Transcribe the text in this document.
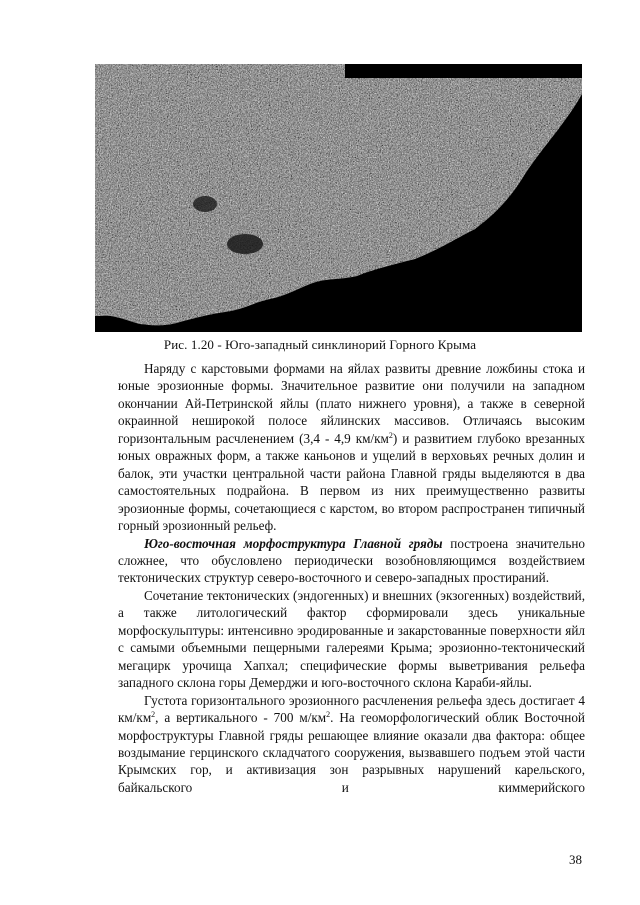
Рис. 1.20 - Юго-западный синклинорий Горного Крыма

Наряду с карстовыми формами на яйлах развиты древние ложбины стока и юные эрозионные формы. Значительное развитие они получили на западном окончании Ай-Петринской яйлы (плато нижнего уровня), а также в северной окраинной неширокой полосе яйлинских массивов. Отличаясь высоким горизонтальным расчленением (3,4 - 4,9 $км/км^2$) и развитием глубоко врезанных юных овражных форм, а также каньонов и ущелий в верховьях речных долин и балок, эти участки центральной части района Главной гряды выделяются в два самостоятельных подрайона. В первом из них преимущественно развиты эрозионные формы, сочетающиеся с карстом, во втором распространен типичный горный эрозионный рельеф.

Юго-восточная морфоструктура Главной гряды построена значительно сложнее, что обусловлено периодически возобновляющимся воздействием тектонических структур северо-восточного и северо-западных простираний.

Сочетание тектонических (эндогенных) и внешних (экзогенных) воздействий, а также литологический фактор сформировали здесь уникальные морфоскульптуры: интенсивно эродированные и закарстованные поверхности яйл с самыми объемными пещерными галереями Крыма; эрозионно-тектонический мегацирк урочища Хапхал; специфические формы выветривания рельефа западного склона горы Демерджи и юго-восточного склона Караби-яйлы.

Густота горизонтального эрозионного расчленения рельефа здесь достигает 4 $км/км^2$, а вертикального - 700 $м/км^2$. На геоморфологический облик Восточной морфоструктуры Главной гряды решающее влияние оказали два фактора: общее воздымание герцинского складчатого сооружения, вызвавшего подъем этой части Крымских гор, и активизация зон разрывных нарушений карельского, байкальского и киммерийского

38
